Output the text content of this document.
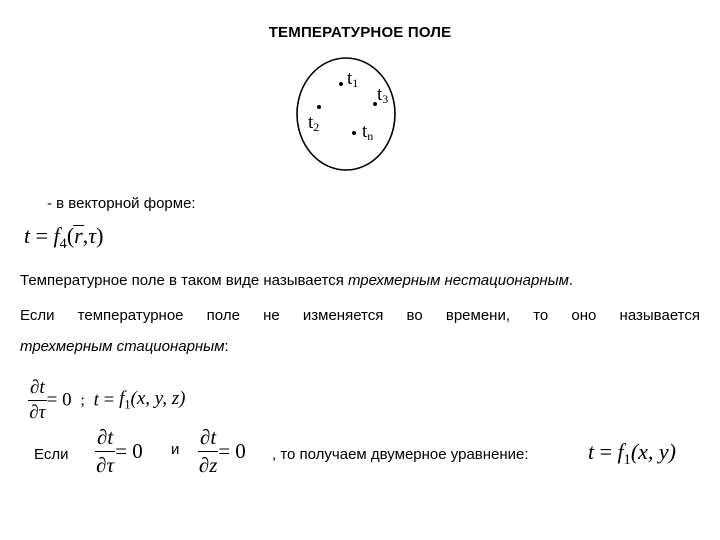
ТЕМПЕРАТУРНОЕ ПОЛЕ
t1
t3
t2 tn
- в векторной форме:
$t = f_4$(
r,τ)
Температурное поле в таком виде называется трехмерным нестационарным.
Если температурное поле не изменяется во времени, то оно называется
трехмерным стационарным:
$\frac{\partial t}{\partial\tau} = 0$ ; $t = f_1(x$, y, z)
Если $\frac{\partial t}{\partial\tau} = 0$ и $\frac{\partial t}{\partial z} = 0$ , то получаем двумерное уравнение:	$t = f_1(x$, y)
